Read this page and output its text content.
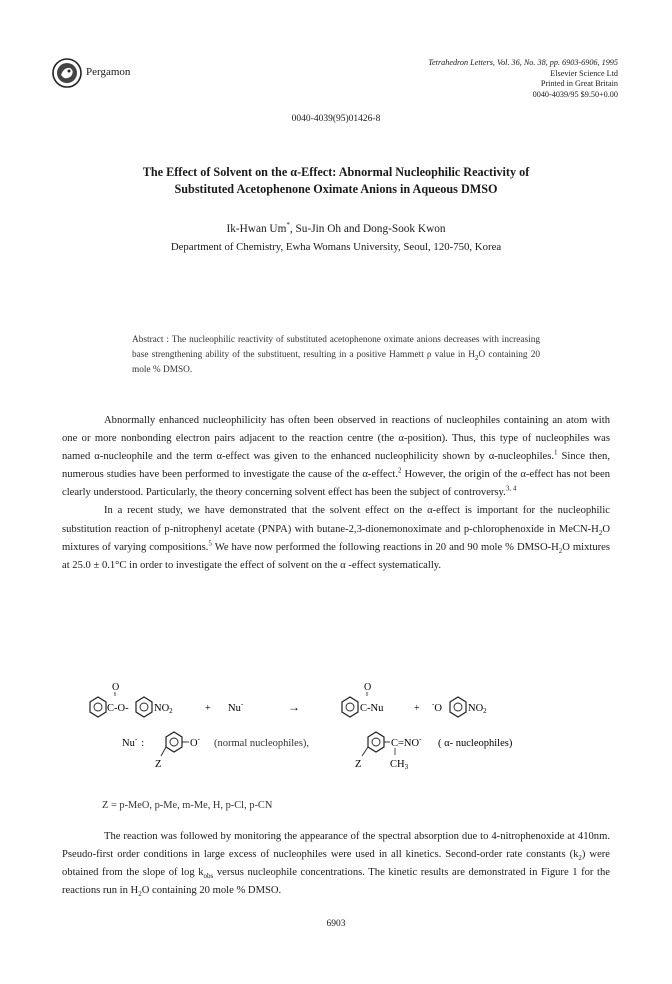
Pergamon
Tetrahedron Letters, Vol. 36, No. 38, pp. 6903-6906, 1995
Elsevier Science Ltd
Printed in Great Britain
0040-4039/95 $9.50+0.00
0040-4039(95)01426-8
The Effect of Solvent on the α-Effect: Abnormal Nucleophilic Reactivity of
Substituted Acetophenone Oximate Anions in Aqueous DMSO
Ik-Hwan Um*, Su-Jin Oh and Dong-Sook Kwon
Department of Chemistry, Ewha Womans University, Seoul, 120-750, Korea
Abstract : The nucleophilic reactivity of substituted acetophenone oximate anions decreases with increasing base strengthening ability of the substituent, resulting in a positive Hammett ρ value in $H_2O$ containing 20 mole % DMSO.

Abnormally enhanced nucleophilicity has often been observed in reactions of nucleophiles containing an atom with one or more nonbonding electron pairs adjacent to the reaction centre (the α-position). Thus, this type of nucleophiles was named α-nucleophile and the term α-effect was given to the enhanced nucleophilicity shown by α-nucleophiles.$^1$ Since then, numerous studies have been performed to investigate the cause of the α-effect.$^2$ However, the origin of the α-effect has not been clearly understood. Particularly, the theory concerning solvent effect has been the subject of controversy.$^{3, 4}$

In a recent study, we have demonstrated that the solvent effect on the α-effect is important for the nucleophilic substitution reaction of p-nitrophenyl acetate (PNPA) with butane-2,3-dionemonoximate and p-chlorophenoxide in MeCN-$H_2O$ mixtures of varying compositions.$^5$ We have now performed the following reactions in 20 and 90 mole % DMSO-$H_2O$ mixtures at 25.0 ± 0.1°C in order to investigate the effect of solvent on the α -effect systematically.

O
C-O- NO2	+ Nu-	→
O
C-Nu	+ -O NO2
Nu- :	O- (normal nucleophiles),
Z
C=NO- ( α- nucleophiles)
Z	CH3
Z = p-MeO, p-Me, m-Me, H, p-Cl, p-CN

The reaction was followed by monitoring the appearance of the spectral absorption due to 4-nitrophenoxide at 410nm. Pseudo-first order conditions in large excess of nucleophiles were used in all kinetics. Second-order rate constants $(k_2)$ were obtained from the slope of $\log k_{obs}$ versus nucleophile concentrations. The kinetic results are demonstrated in Figure 1 for the reactions run in $H_2O$ containing 20 mole % DMSO.

6903
